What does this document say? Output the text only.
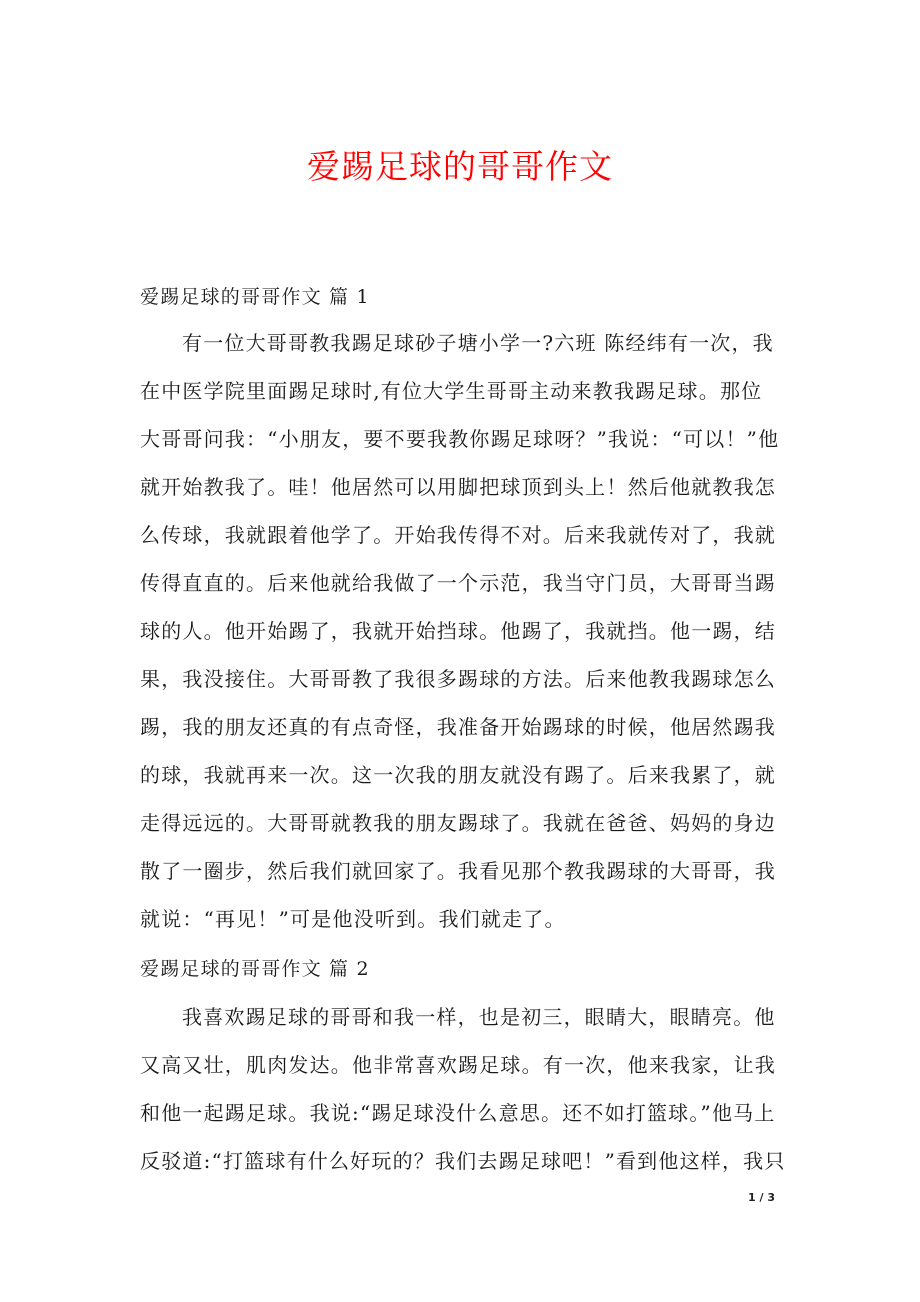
爱踢足球的哥哥作文
爱踢足球的哥哥作文 篇 1
有一位大哥哥教我踢足球砂子塘小学一?六班 陈经纬有一次，我
在中医学院里面踢足球时,有位大学生哥哥主动来教我踢足球。那位
大哥哥问我：“小朋友，要不要我教你踢足球呀？”我说：“可以！”他
就开始教我了。哇！他居然可以用脚把球顶到头上！然后他就教我怎
么传球，我就跟着他学了。开始我传得不对。后来我就传对了，我就
传得直直的。后来他就给我做了一个示范，我当守门员，大哥哥当踢
球的人。他开始踢了，我就开始挡球。他踢了，我就挡。他一踢，结
果，我没接住。大哥哥教了我很多踢球的方法。后来他教我踢球怎么
踢，我的朋友还真的有点奇怪，我准备开始踢球的时候，他居然踢我
的球，我就再来一次。这一次我的朋友就没有踢了。后来我累了，就
走得远远的。大哥哥就教我的朋友踢球了。我就在爸爸、妈妈的身边
散了一圈步，然后我们就回家了。我看见那个教我踢球的大哥哥，我
就说：“再见！”可是他没听到。我们就走了。
爱踢足球的哥哥作文 篇 2
我喜欢踢足球的哥哥和我一样，也是初三，眼睛大，眼睛亮。他
又高又壮，肌肉发达。他非常喜欢踢足球。有一次，他来我家，让我
和他一起踢足球。我说:“踢足球没什么意思。还不如打篮球。”他马上
反驳道:“打篮球有什么好玩的？我们去踢足球吧！”看到他这样，我只
1 / 3
